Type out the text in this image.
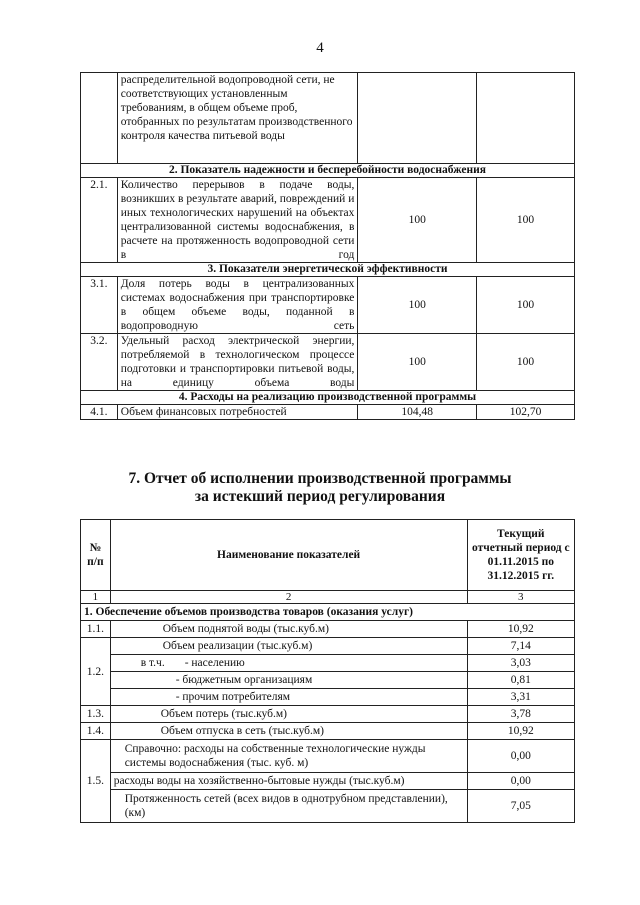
4
	распределительной водопроводной сети, не соответствующих установленным требованиям, в общем объеме проб, отобранных по результатам производственного контроля качества питьевой воды		
2. Показатель надежности и бесперебойности водоснабжения			
2.1.	Количество перерывов в подаче воды, возникших в результате аварий, повреждений и иных технологических нарушений на объектах централизованной системы водоснабжения, в расчете на протяженность водопроводной сети в год	100	100
3. Показатели энергетической эффективности			
3.1.	Доля потерь воды в централизованных системах водоснабжения при транспортировке в общем объеме воды, поданной в водопроводную сеть	100	100
3.2.	Удельный расход электрической энергии, потребляемой в технологическом процессе подготовки и транспортировки питьевой воды, на единицу объема воды	100	100
4. Расходы на реализацию производственной программы			
4.1.	Объем финансовых потребностей	104,48	102,70
7. Отчет об исполнении производственной программы
за истекший период регулирования
№ п/п	Наименование показателей	Текущий отчетный период с 01.11.2015 по 31.12.2015 гг.
1	2	3
1. Обеспечение объемов производства товаров (оказания услуг)		
1.1.	Объем поднятой воды (тыс.куб.м)	10,92
1.2.	Объем реализации (тыс.куб.м)	7,14
	в т.ч. - населению	3,03
	- бюджетным организациям	0,81
	- прочим потребителям	3,31
1.3.	Объем потерь (тыс.куб.м)	3,78
1.4.	Объем отпуска в сеть (тыс.куб.м)	10,92
1.5.	Справочно: расходы на собственные технологические нужды системы водоснабжения (тыс. куб. м)	0,00
	расходы воды на хозяйственно-бытовые нужды (тыс.куб.м)	0,00
	Протяженность сетей (всех видов в однотрубном представлении), (км)	7,05
